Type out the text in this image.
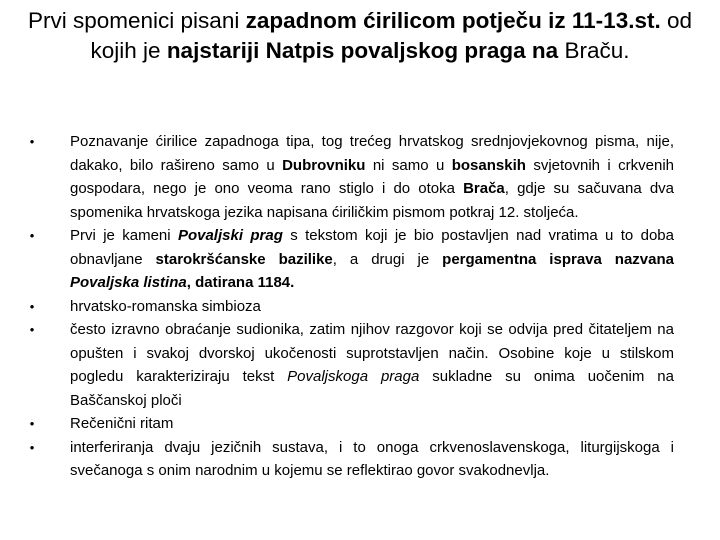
Prvi spomenici pisani zapadnom ćirilicom potječu iz 11-13.st. od kojih je najstariji Natpis povaljskog praga na Braču.
•	Poznavanje ćirilice zapadnoga tipa, tog trećeg hrvatskog srednjovjekovnog pisma, nije, dakako, bilo rašireno samo u Dubrovniku ni samo u bosanskih svjetovnih i crkvenih gospodara, nego je ono veoma rano stiglo i do otoka Brača, gdje su sačuvana dva spomenika hrvatskoga jezika napisana ćiriličkim pismom potkraj 12. stoljeća.
•	Prvi je kameni Povaljski prag s tekstom koji je bio postavljen nad vratima u to doba obnavljane starokršćanske bazilike, a drugi je pergamentna isprava nazvana Povaljska listina, datirana 1184.
•	hrvatsko-romanska simbioza
•	često izravno obraćanje sudionika, zatim njihov razgovor koji se odvija pred čitateljem na opušten i svakoj dvorskoj ukočenosti suprotstavljen način. Osobine koje u stilskom pogledu karakteriziraju tekst Povaljskoga praga sukladne su onima uočenim na Baščanskoj ploči
•	Rečenični ritam
•	interferiranja dvaju jezičnih sustava, i to onoga crkvenoslavenskoga, liturgijskoga i svečanoga s onim narodnim u kojemu se reflektirao govor svakodnevlja.
